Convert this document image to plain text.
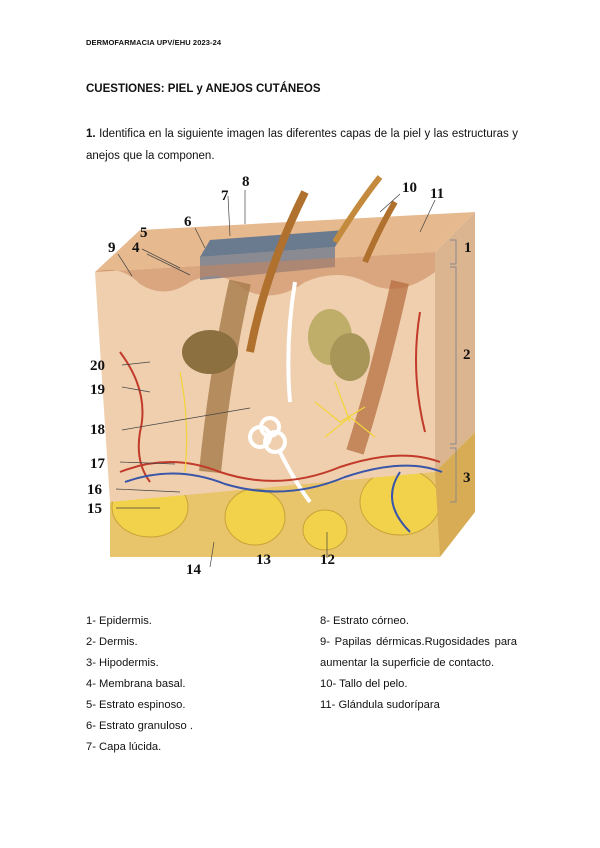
DERMOFARMACIA UPV/EHU 2023-24
CUESTIONES: PIEL y ANEJOS CUTÁNEOS
1. Identifica en la siguiente imagen las diferentes capas de la piel y las estructuras y anejos que la componen.
8
7
6
5
4
9
10 11
1
2
3
20
19
18
17
16
15
14
13	12
1- Epidermis.
2- Dermis.
3- Hipodermis.
4- Membrana basal.
5- Estrato espinoso.
6- Estrato granuloso .
7- Capa lúcida.
8- Estrato córneo.
9- Papilas dérmicas.Rugosidades para aumentar la superficie de contacto.
10- Tallo del pelo.
11- Glándula sudorípara
